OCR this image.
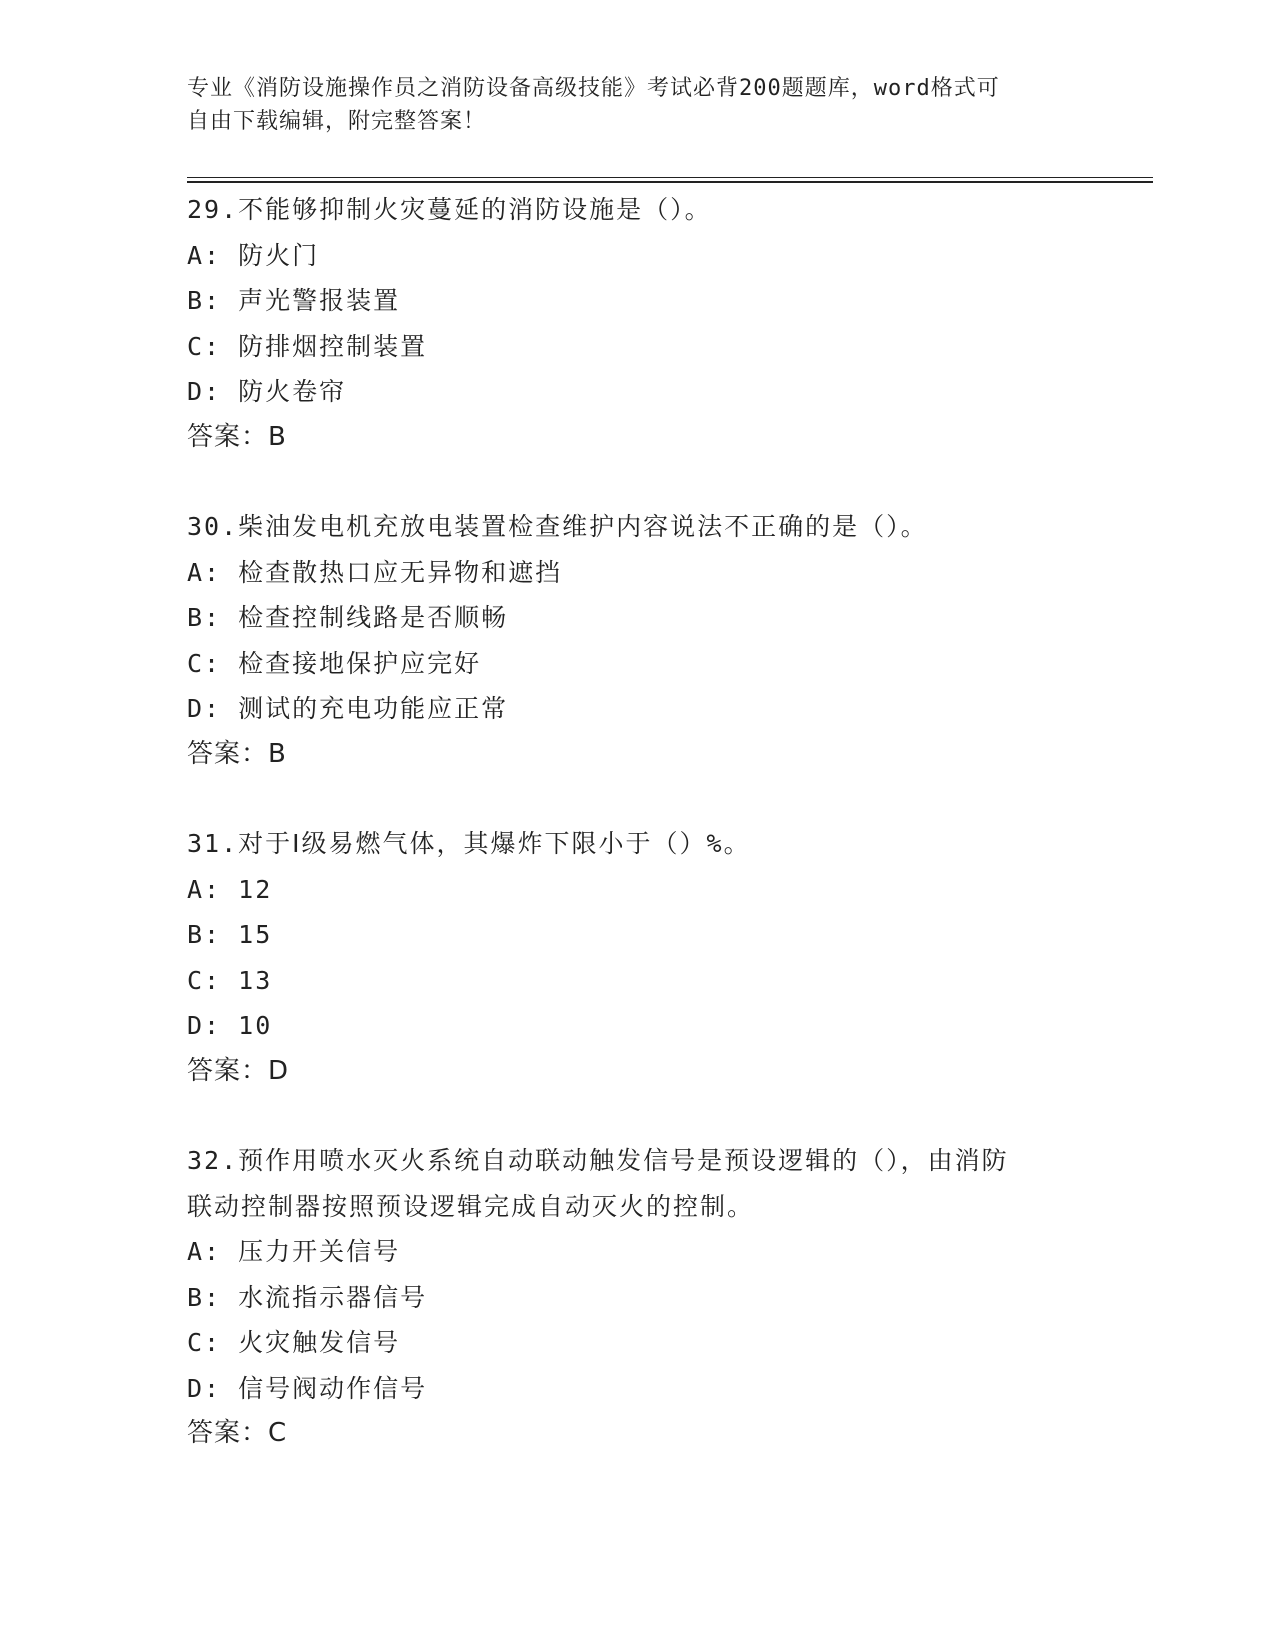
专业《消防设施操作员之消防设备高级技能》考试必背200题题库，word格式可
自由下载编辑，附完整答案！
29.不能够抑制火灾蔓延的消防设施是（）。
A: 防火门
B: 声光警报装置
C: 防排烟控制装置
D: 防火卷帘
答案：B
30.柴油发电机充放电装置检查维护内容说法不正确的是（）。
A: 检查散热口应无异物和遮挡
B: 检查控制线路是否顺畅
C: 检查接地保护应完好
D: 测试的充电功能应正常
答案：B
31.对于Ⅰ级易燃气体，其爆炸下限小于（）%。
A: 12
B: 15
C: 13
D: 10
答案：D
32.预作用喷水灭火系统自动联动触发信号是预设逻辑的（），由消防
联动控制器按照预设逻辑完成自动灭火的控制。
A: 压力开关信号
B: 水流指示器信号
C: 火灾触发信号
D: 信号阀动作信号
答案：C
